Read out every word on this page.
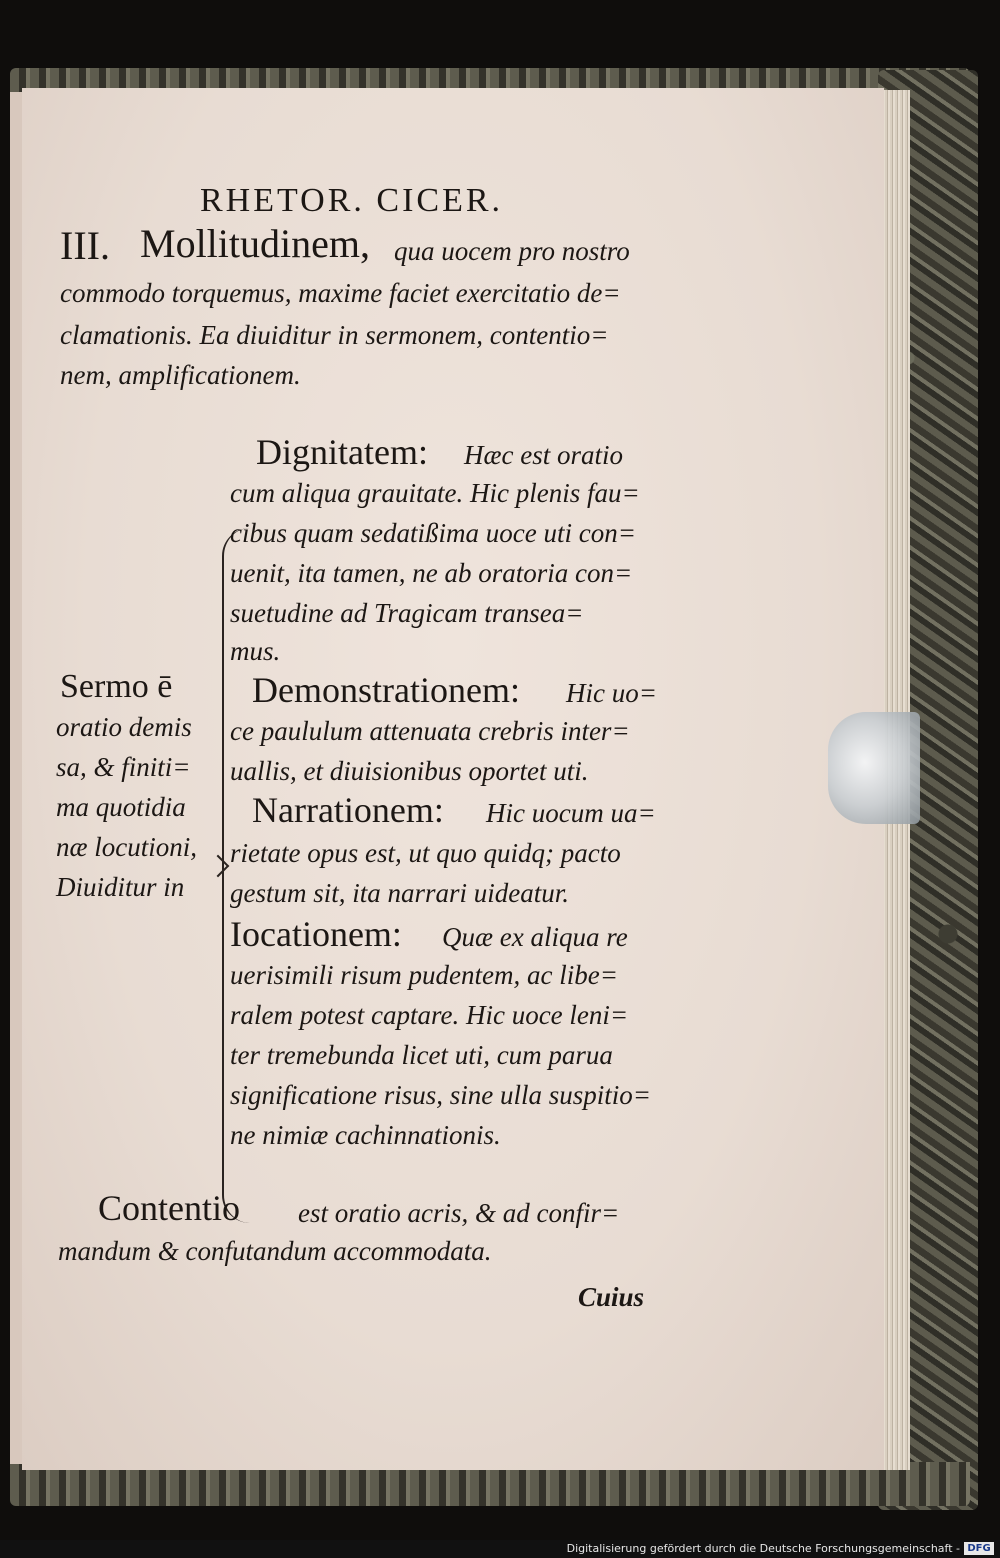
RHETOR. CICER.
III. Mollitudinem, qua uocem pro nostro
commodo torquemus, maxime faciet exercitatio de=
clamationis. Ea diuiditur in sermonem, contentio=
nem, amplificationem.
Sermo ē
oratio demis
sa, & finiti=
ma quotidia
næ locutioni,
Diuiditur in
Dignitatem: Hæc est oratio
cum aliqua grauitate. Hic plenis fau=
cibus quam sedatißima uoce uti con=
uenit, ita tamen, ne ab oratoria con=
suetudine ad Tragicam transea=
mus.
Demonstrationem: Hic uo=
ce paululum attenuata crebris inter=
uallis, et diuisionibus oportet uti.
Narrationem: Hic uocum ua=
rietate opus est, ut quo quidq; pacto
gestum sit, ita narrari uideatur.
Iocationem: Quæ ex aliqua re
uerisimili risum pudentem, ac libe=
ralem potest captare. Hic uoce leni=
ter tremebunda licet uti, cum parua
significatione risus, sine ulla suspitio=
ne nimiæ cachinnationis.
Contentio est oratio acris, & ad confir=
mandum & confutandum accommodata.
Cuius
Digitalisierung gefördert durch die Deutsche Forschungsgemeinschaft - DFG
